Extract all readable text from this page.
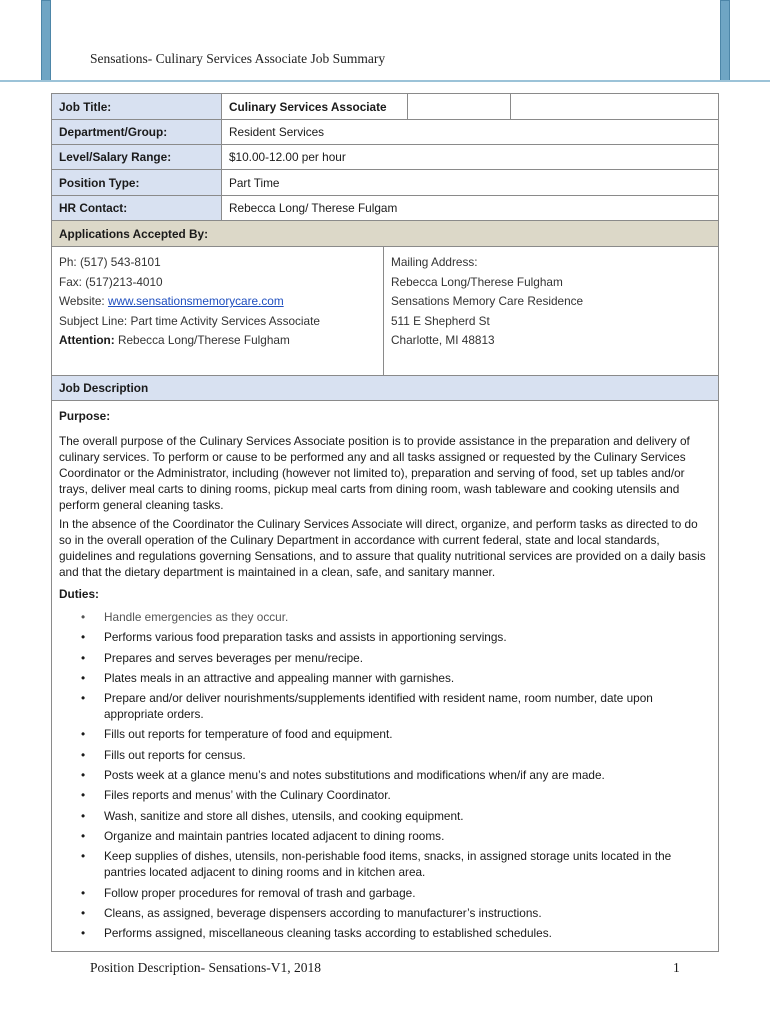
Sensations- Culinary Services Associate Job Summary
Job Title:	Culinary Services Associate
Department/Group:	Resident Services
Level/Salary Range:	$10.00-12.00 per hour
Position Type:	Part Time
HR Contact:	Rebecca Long/ Therese Fulgam
Applications Accepted By:
Ph: (517) 543-8101
Fax: (517)213-4010
Website: www.sensationsmemorycare.com
Subject Line: Part time Activity Services Associate
Attention: Rebecca Long/Therese Fulgham
Mailing Address:
Rebecca Long/Therese Fulgham
Sensations Memory Care Residence
511 E Shepherd St
Charlotte, MI 48813
Job Description
Purpose:

The overall purpose of the Culinary Services Associate position is to provide assistance in the preparation and delivery of culinary services. To perform or cause to be performed any and all tasks assigned or requested by the Culinary Services Coordinator or the Administrator, including (however not limited to), preparation and serving of food, set up tables and/or trays, deliver meal carts to dining rooms, pickup meal carts from dining room, wash tableware and cooking utensils and perform general cleaning tasks.

In the absence of the Coordinator the Culinary Services Associate will direct, organize, and perform tasks as directed to do so in the overall operation of the Culinary Department in accordance with current federal, state and local standards, guidelines and regulations governing Sensations, and to assure that quality nutritional services are provided on a daily basis and that the dietary department is maintained in a clean, safe, and sanitary manner.

Duties:
• Handle emergencies as they occur.
• Performs various food preparation tasks and assists in apportioning servings.
• Prepares and serves beverages per menu/recipe.
• Plates meals in an attractive and appealing manner with garnishes.
• Prepare and/or deliver nourishments/supplements identified with resident name, room number, date upon appropriate orders.
• Fills out reports for temperature of food and equipment.
• Fills out reports for census.
• Posts week at a glance menu’s and notes substitutions and modifications when/if any are made.
• Files reports and menus’ with the Culinary Coordinator.
• Wash, sanitize and store all dishes, utensils, and cooking equipment.
• Organize and maintain pantries located adjacent to dining rooms.
• Keep supplies of dishes, utensils, non-perishable food items, snacks, in assigned storage units located in the pantries located adjacent to dining rooms and in kitchen area.
• Follow proper procedures for removal of trash and garbage.
• Cleans, as assigned, beverage dispensers according to manufacturer’s instructions.
• Performs assigned, miscellaneous cleaning tasks according to established schedules.
Position Description- Sensations-V1, 2018	1
